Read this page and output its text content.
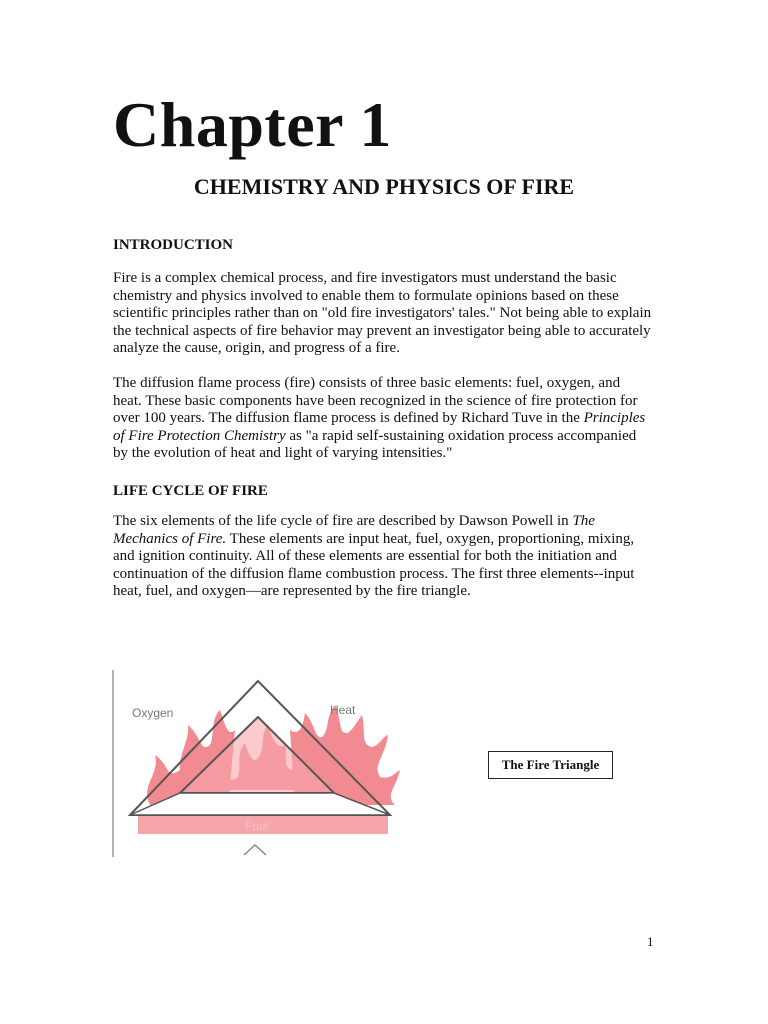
Chapter 1
CHEMISTRY AND PHYSICS OF FIRE
INTRODUCTION

Fire is a complex chemical process, and fire investigators must understand the basic
chemistry and physics involved to enable them to formulate opinions based on these
scientific principles rather than on "old fire investigators' tales." Not being able to explain
the technical aspects of fire behavior may prevent an investigator being able to accurately
analyze the cause, origin, and progress of a fire.

The diffusion flame process (fire) consists of three basic elements: fuel, oxygen, and
heat. These basic components have been recognized in the science of fire protection for
over 100 years. The diffusion flame process is defined by Richard Tuve in the Principles
of Fire Protection Chemistry as "a rapid self-sustaining oxidation process accompanied
by the evolution of heat and light of varying intensities."

LIFE CYCLE OF FIRE

The six elements of the life cycle of fire are described by Dawson Powell in The
Mechanics of Fire. These elements are input heat, fuel, oxygen, proportioning, mixing,
and ignition continuity. All of these elements are essential for both the initiation and
continuation of the diffusion flame combustion process. The first three elements--input
heat, fuel, and oxygen—are represented by the fire triangle.

Oxygen	Heat
Fuel
The Fire Triangle
1
